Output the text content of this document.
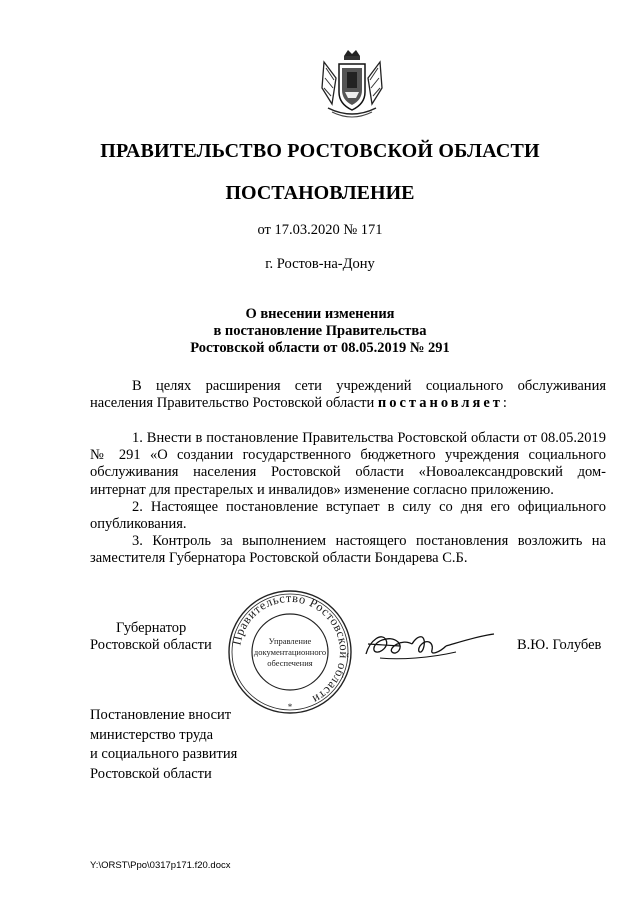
ПРАВИТЕЛЬСТВО РОСТОВСКОЙ ОБЛАСТИ
ПОСТАНОВЛЕНИЕ
от 17.03.2020 № 171
г. Ростов-на-Дону
О внесении изменения
в постановление Правительства
Ростовской области от 08.05.2019 № 291
В целях расширения сети учреждений социального обслуживания населения Правительство Ростовской области постановляет:
1. Внести в постановление Правительства Ростовской области от 08.05.2019 № 291 «О создании государственного бюджетного учреждения социального обслуживания населения Ростовской области «Новоалександровский дом-интернат для престарелых и инвалидов» изменение согласно приложению.
2. Настоящее постановление вступает в силу со дня его официального опубликования.
3. Контроль за выполнением настоящего постановления возложить на заместителя Губернатора Ростовской области Бондарева С.Б.
Губернатор
Ростовской области	В.Ю. Голубев
Правительство Ростовской области
Управление
документационного
обеспечения
*
Постановление вносит
министерство труда
и социального развития
Ростовской области
Y:\ORST\Ppo\0317p171.f20.docx
